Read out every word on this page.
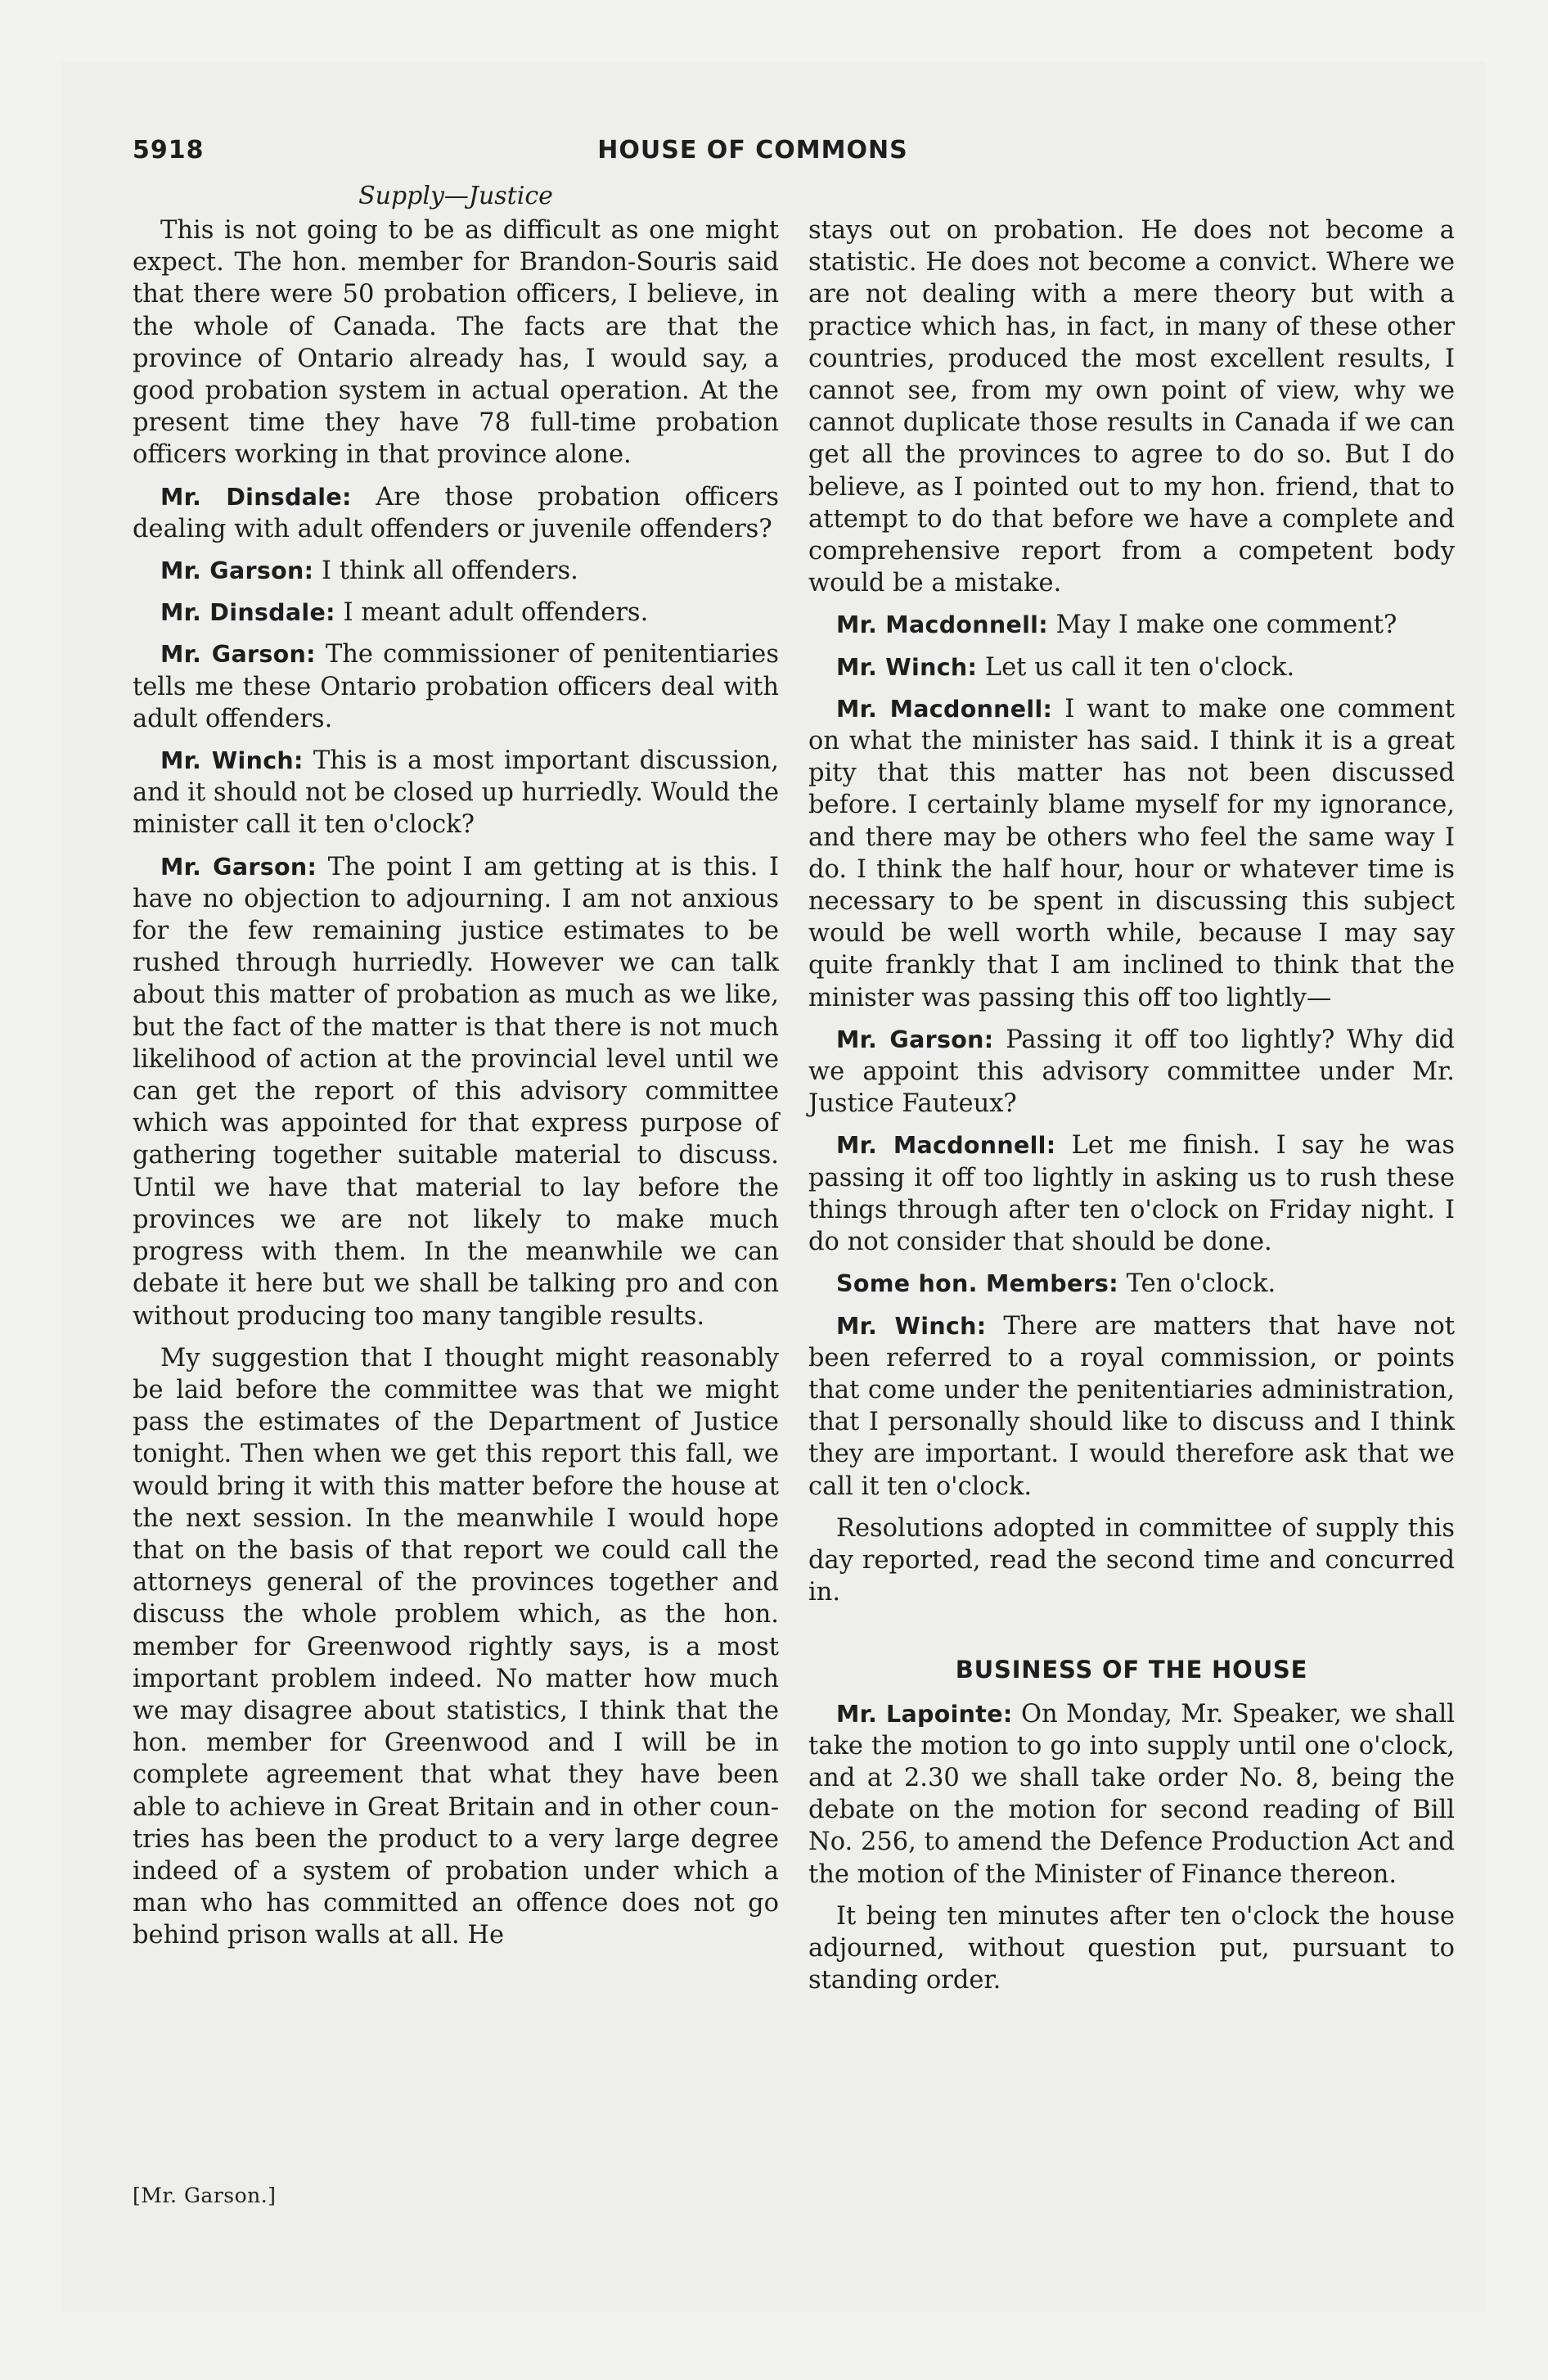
5918	HOUSE OF COMMONS
Supply—Justice

This is not going to be as difficult as one might expect. The hon. member for Brandon-Souris said that there were 50 probation officers, I believe, in the whole of Canada. The facts are that the province of Ontario already has, I would say, a good probation system in actual operation. At the present time they have 78 full-time probation officers working in that province alone.

Mr. Dinsdale: Are those probation officers dealing with adult offenders or juvenile offenders?

Mr. Garson: I think all offenders.

Mr. Dinsdale: I meant adult offenders.

Mr. Garson: The commissioner of penitentiaries tells me these Ontario probation officers deal with adult offenders.

Mr. Winch: This is a most important discussion, and it should not be closed up hurriedly. Would the minister call it ten o'clock?

Mr. Garson: The point I am getting at is this. I have no objection to adjourning. I am not anxious for the few remaining justice estimates to be rushed through hurriedly. However we can talk about this matter of probation as much as we like, but the fact of the matter is that there is not much likelihood of action at the provincial level until we can get the report of this advisory committee which was appointed for that express purpose of gathering together suitable material to discuss. Until we have that material to lay before the provinces we are not likely to make much progress with them. In the meanwhile we can debate it here but we shall be talking pro and con without producing too many tangible results.

My suggestion that I thought might reasonably be laid before the committee was that we might pass the estimates of the Department of Justice tonight. Then when we get this report this fall, we would bring it with this matter before the house at the next session. In the meanwhile I would hope that on the basis of that report we could call the attorneys general of the provinces together and discuss the whole problem which, as the hon. member for Greenwood rightly says, is a most important problem indeed. No matter how much we may disagree about statistics, I think that the hon. member for Greenwood and I will be in complete agreement that what they have been able to achieve in Great Britain and in other countries has been the product to a very large degree indeed of a system of probation under which a man who has committed an offence does not go behind prison walls at all. He

stays out on probation. He does not become a statistic. He does not become a convict. Where we are not dealing with a mere theory but with a practice which has, in fact, in many of these other countries, produced the most excellent results, I cannot see, from my own point of view, why we cannot duplicate those results in Canada if we can get all the provinces to agree to do so. But I do believe, as I pointed out to my hon. friend, that to attempt to do that before we have a complete and comprehensive report from a competent body would be a mistake.

Mr. Macdonnell: May I make one comment?

Mr. Winch: Let us call it ten o'clock.

Mr. Macdonnell: I want to make one comment on what the minister has said. I think it is a great pity that this matter has not been discussed before. I certainly blame myself for my ignorance, and there may be others who feel the same way I do. I think the half hour, hour or whatever time is necessary to be spent in discussing this subject would be well worth while, because I may say quite frankly that I am inclined to think that the minister was passing this off too lightly—

Mr. Garson: Passing it off too lightly? Why did we appoint this advisory committee under Mr. Justice Fauteux?

Mr. Macdonnell: Let me finish. I say he was passing it off too lightly in asking us to rush these things through after ten o'clock on Friday night. I do not consider that should be done.

Some hon. Members: Ten o'clock.

Mr. Winch: There are matters that have not been referred to a royal commission, or points that come under the penitentiaries administration, that I personally should like to discuss and I think they are important. I would therefore ask that we call it ten o'clock.

Resolutions adopted in committee of supply this day reported, read the second time and concurred in.

BUSINESS OF THE HOUSE

Mr. Lapointe: On Monday, Mr. Speaker, we shall take the motion to go into supply until one o'clock, and at 2.30 we shall take order No. 8, being the debate on the motion for second reading of Bill No. 256, to amend the Defence Production Act and the motion of the Minister of Finance thereon.

It being ten minutes after ten o'clock the house adjourned, without question put, pursuant to standing order.

[Mr. Garson.]
